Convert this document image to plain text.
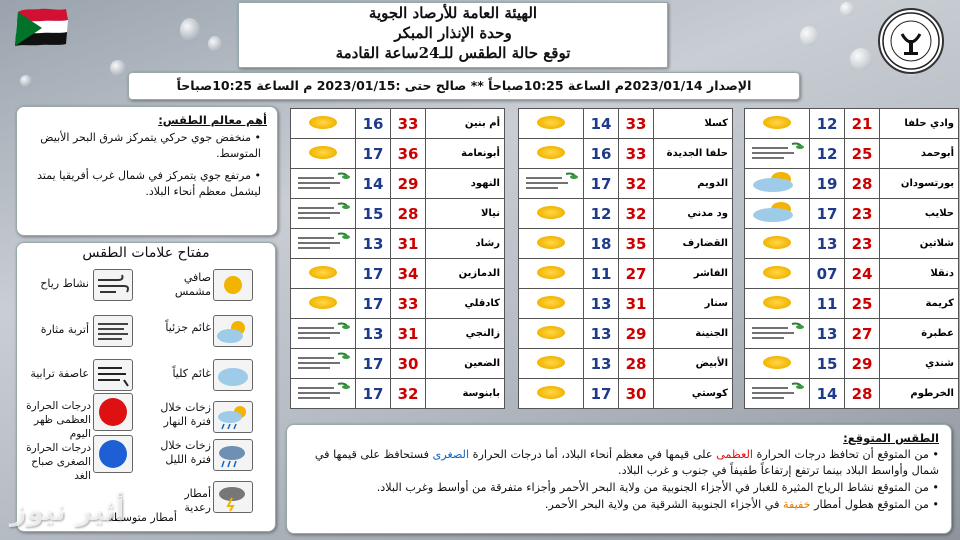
الهيئة العامة للأرصاد الجوية
وحدة الإنذار المبكر
توقع حالة الطقس للـ24ساعة القادمة
الإصدار 2023/01/14م الساعة 10:25صباحاً ** صالح حتى :2023/01/15 م الساعة 10:25صباحاً
	12	21	وادي حلفا
	12	25	أبوحمد
	19	28	بورتسودان
	17	23	حلايب
	13	23	شلاتين
	07	24	دنقلا
	11	25	كريمة
	13	27	عطبرة
	15	29	شندي
	14	28	الخرطوم
	14	33	كسلا
	16	33	حلفا الجديدة
	17	32	الدويم
	12	32	ود مدني
	18	35	القضارف
	11	27	الفاشر
	13	31	سنار
	13	29	الجنينة
	13	28	الأبيض
	17	30	كوستي
	16	33	أم بنين
	17	36	أبونعامة
	14	29	النهود
	15	28	نيالا
	13	31	رشاد
	17	34	الدمازين
	17	33	كادقلي
	13	31	زالنجي
	17	30	الضعين
	17	32	بابنوسة
أهم معالم الطقس:

• منخفض جوي حركي يتمركز شرق البحر الأبيض المتوسط.

• مرتفع جوي يتمركز في شمال غرب أفريقيا يمتد ليشمل معظم أنحاء البلاد.

مفتاح علامات الطقس
صافي مشمس
نشاط رياح
غائم جزئياً
أتربة مثارة
غائم كلياً
عاصفة ترابية
زخات خلال فترة النهار
درجات الحرارة العظمى ظهر اليوم
زخات خلال فترة الليل
درجات الحرارة الصغرى صباح الغد
أمطار رعدية
أمطار متوسطة
الطقس المتوقع:

• من المتوقع أن تحافظ درجات الحرارة العظمى على قيمها في معظم أنحاء البلاد، أما درجات الحرارة الصغرى فستحافظ على قيمها في شمال وأواسط البلاد بينما ترتفع إرتفاعاً طفيفاً في جنوب و غرب البلاد.

• من المتوقع نشاط الرياح المثيرة للغبار في الأجزاء الجنوبية من ولاية البحر الأحمر وأجزاء متفرقة من أواسط وغرب البلاد.

• من المتوقع هطول أمطار خفيفة في الأجزاء الجنوبية الشرقية من ولاية البحر الأحمر.

أثير نيوز
